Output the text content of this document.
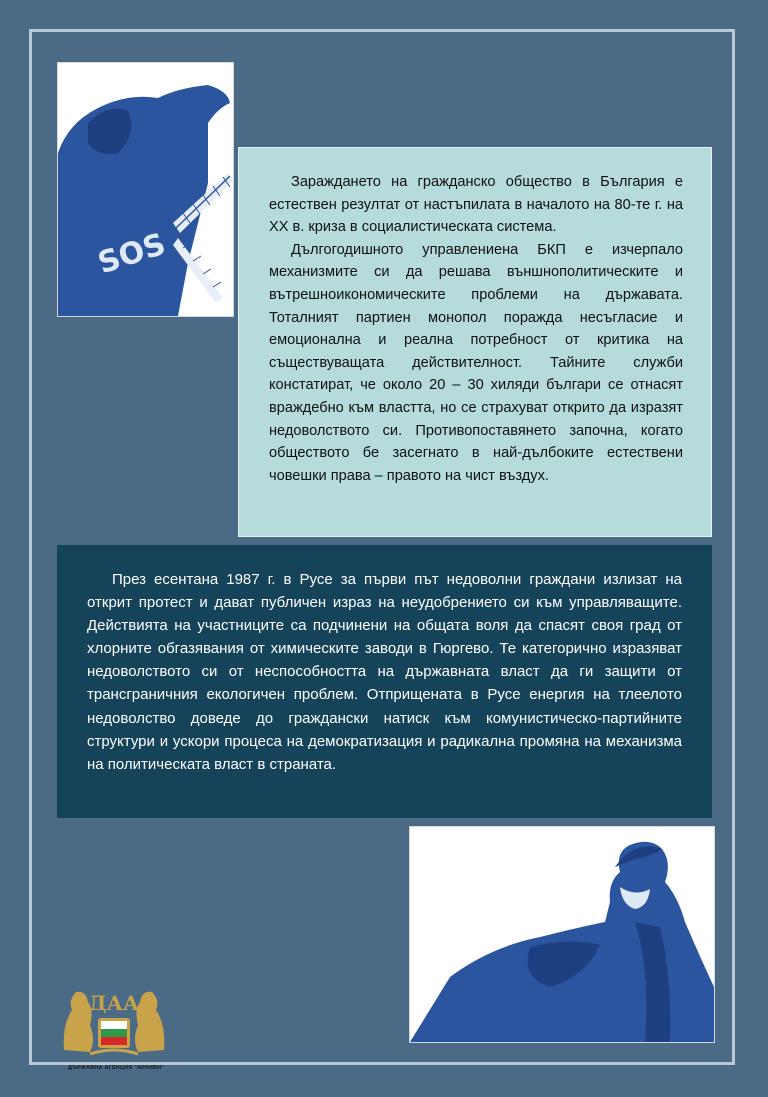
SOS

Зараждането на гражданско общество в България е естествен резултат от настъпилата в началото на 80-те г. на XX в. криза в социалистическата система.

Дългогодишното управлениена БКП е изчерпало механизмите си да решава външнополитическите и вътрешноикономическите проблеми на държавата. Тоталният партиен монопол поражда несъгласие и емоционална и реална потребност от критика на съществуващата действителност. Тайните служби констатират, че около 20 – 30 хиляди българи се отнасят враждебно към властта, но се страхуват открито да изразят недоволството си. Противопоставянето започна, когато обществото бе засегнато в най-дълбоките естествени човешки права – правото на чист въздух.

През есентана 1987 г. в Русе за първи път недоволни граждани излизат на открит протест и дават публичен израз на неудобрението си към управляващите. Действията на участниците са подчинени на общата воля да спасят своя град от хлорните обгазявания от химическите заводи в Гюргево. Те категорично изразяват недоволството си от неспособността на държавната власт да ги защити от трансграничния екологичен проблем. Отприщената в Русе енергия на тлеелото недоволство доведе до граждански натиск към комунистическо-партийните структури и ускори процеса на демократизация и радикална промяна на механизма на политическата власт в страната.

ДАА
ДЪРЖАВНА АГЕНЦИЯ "АРХИВИ"
